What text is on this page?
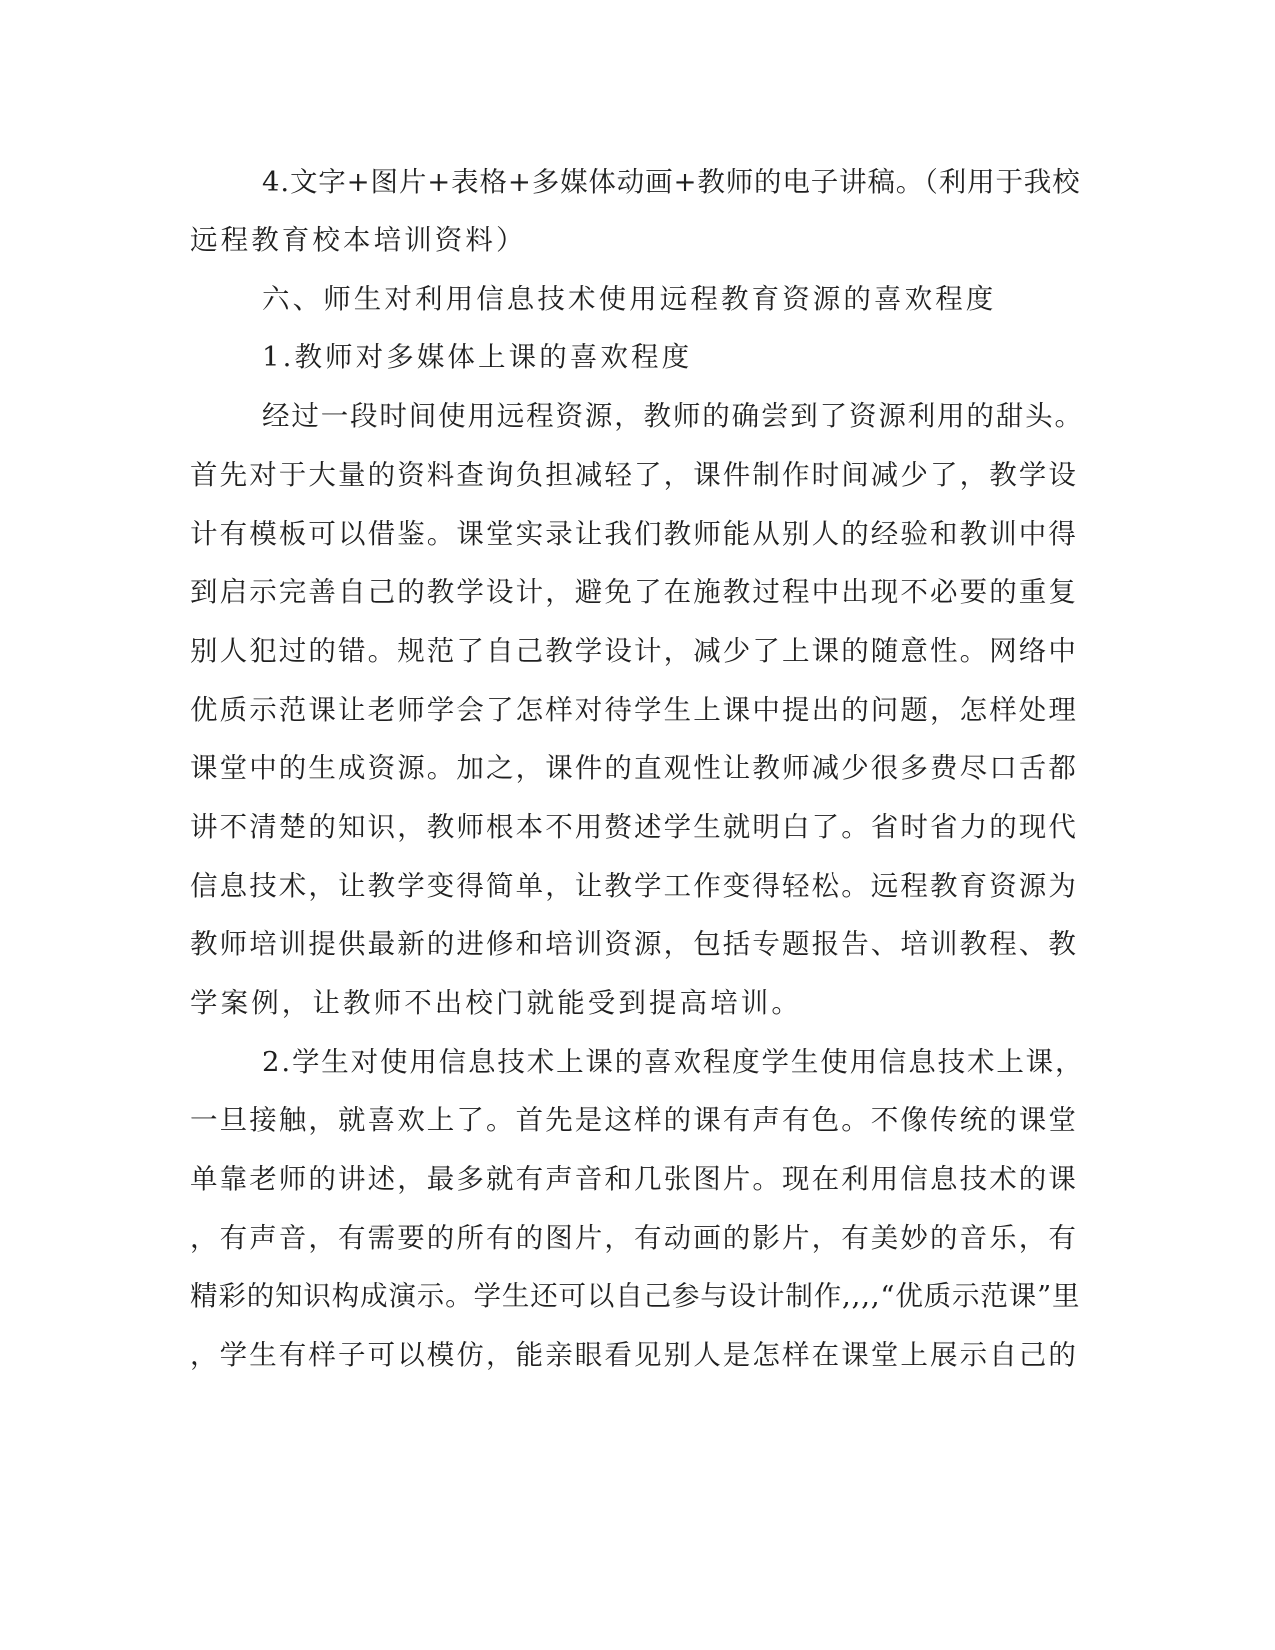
4.文字+图片+表格+多媒体动画+教师的电子讲稿。（利用于我校

远程教育校本培训资料）

六、师生对利用信息技术使用远程教育资源的喜欢程度

1.教师对多媒体上课的喜欢程度

经过一段时间使用远程资源，教师的确尝到了资源利用的甜头。

首先对于大量的资料查询负担减轻了，课件制作时间减少了，教学设

计有模板可以借鉴。课堂实录让我们教师能从别人的经验和教训中得

到启示完善自己的教学设计，避免了在施教过程中出现不必要的重复

别人犯过的错。规范了自己教学设计，减少了上课的随意性。网络中

优质示范课让老师学会了怎样对待学生上课中提出的问题，怎样处理

课堂中的生成资源。加之，课件的直观性让教师减少很多费尽口舌都

讲不清楚的知识，教师根本不用赘述学生就明白了。省时省力的现代

信息技术，让教学变得简单，让教学工作变得轻松。远程教育资源为

教师培训提供最新的进修和培训资源，包括专题报告、培训教程、教

学案例，让教师不出校门就能受到提高培训。

2.学生对使用信息技术上课的喜欢程度学生使用信息技术上课，

一旦接触，就喜欢上了。首先是这样的课有声有色。不像传统的课堂

单靠老师的讲述，最多就有声音和几张图片。现在利用信息技术的课

，有声音，有需要的所有的图片，有动画的影片，有美妙的音乐，有

精彩的知识构成演示。学生还可以自己参与设计制作,,,,“优质示范课”里

，学生有样子可以模仿，能亲眼看见别人是怎样在课堂上展示自己的
